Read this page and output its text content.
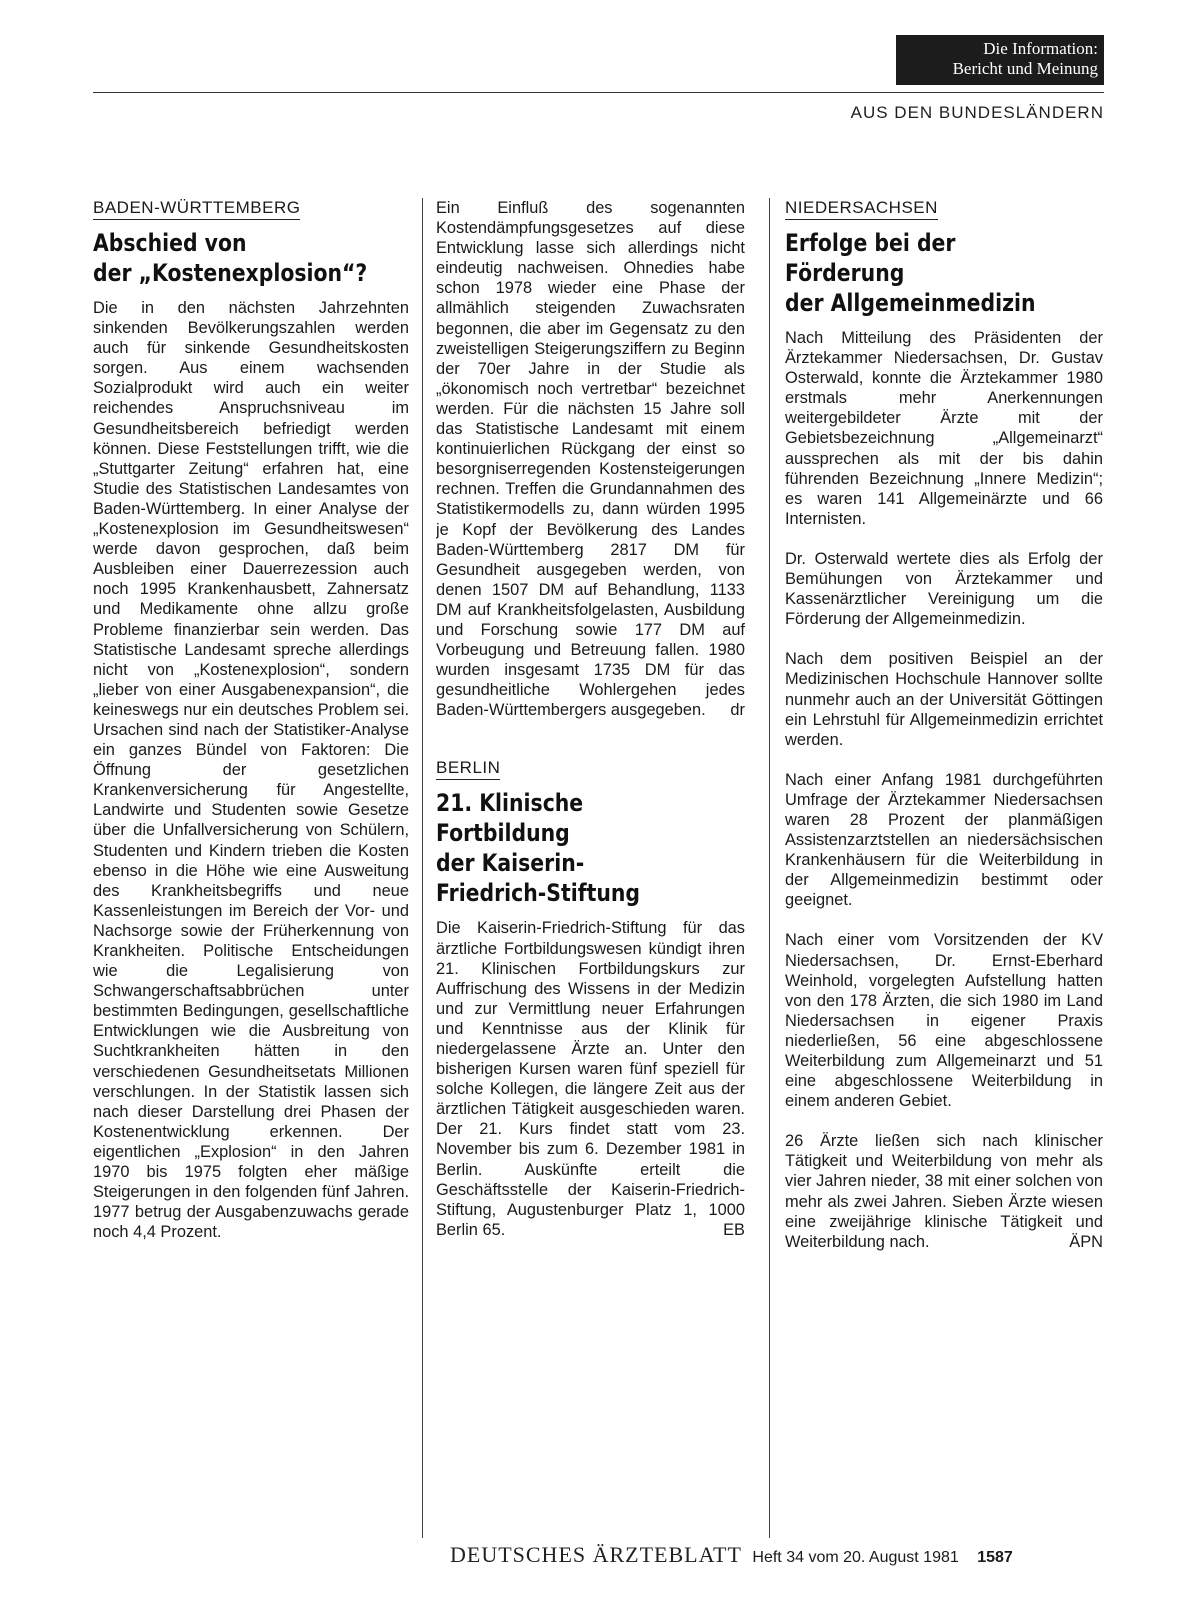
Die Information:
Bericht und Meinung
AUS DEN BUNDESLÄNDERN
BADEN-WÜRTTEMBERG
Abschied von
der „Kostenexplosion“?

Die in den nächsten Jahrzehnten sinkenden Bevölkerungszahlen werden auch für sinkende Gesundheitskosten sorgen. Aus einem wachsenden Sozialprodukt wird auch ein weiter reichendes Anspruchsniveau im Gesundheitsbereich befriedigt werden können. Diese Feststellungen trifft, wie die „Stuttgarter Zeitung“ erfahren hat, eine Studie des Statistischen Landesamtes von Baden-Württemberg. In einer Analyse der „Kostenexplosion im Gesundheitswesen“ werde davon gesprochen, daß beim Ausbleiben einer Dauerrezession auch noch 1995 Krankenhausbett, Zahnersatz und Medikamente ohne allzu große Probleme finanzierbar sein werden. Das Statistische Landesamt spreche allerdings nicht von „Kostenexplosion“, sondern „lieber von einer Ausgabenexpansion“, die keineswegs nur ein deutsches Problem sei. Ursachen sind nach der Statistiker-Analyse ein ganzes Bündel von Faktoren: Die Öffnung der gesetzlichen Krankenversicherung für Angestellte, Landwirte und Studenten sowie Gesetze über die Unfallversicherung von Schülern, Studenten und Kindern trieben die Kosten ebenso in die Höhe wie eine Ausweitung des Krankheitsbegriffs und neue Kassenleistungen im Bereich der Vor- und Nachsorge sowie der Früherkennung von Krankheiten. Politische Entscheidungen wie die Legalisierung von Schwangerschaftsabbrüchen unter bestimmten Bedingungen, gesellschaftliche Entwicklungen wie die Ausbreitung von Suchtkrankheiten hätten in den verschiedenen Gesundheitsetats Millionen verschlungen. In der Statistik lassen sich nach dieser Darstellung drei Phasen der Kostenentwicklung erkennen. Der eigentlichen „Explosion“ in den Jahren 1970 bis 1975 folgten eher mäßige Steigerungen in den folgenden fünf Jahren. 1977 betrug der Ausgabenzuwachs gerade noch 4,4 Prozent.

Ein Einfluß des sogenannten Kostendämpfungsgesetzes auf diese Entwicklung lasse sich allerdings nicht eindeutig nachweisen. Ohnedies habe schon 1978 wieder eine Phase der allmählich steigenden Zuwachsraten begonnen, die aber im Gegensatz zu den zweistelligen Steigerungsziffern zu Beginn der 70er Jahre in der Studie als „ökonomisch noch vertretbar“ bezeichnet werden. Für die nächsten 15 Jahre soll das Statistische Landesamt mit einem kontinuierlichen Rückgang der einst so besorgniserregenden Kostensteigerungen rechnen. Treffen die Grundannahmen des Statistikermodells zu, dann würden 1995 je Kopf der Bevölkerung des Landes Baden-Württemberg 2817 DM für Gesundheit ausgegeben werden, von denen 1507 DM auf Behandlung, 1133 DM auf Krankheitsfolgelasten, Ausbildung und Forschung sowie 177 DM auf Vorbeugung und Betreuung fallen. 1980 wurden insgesamt 1735 DM für das gesundheitliche Wohlergehen jedes Baden-Württembergers ausgegeben. dr

BERLIN
21. Klinische
Fortbildung
der Kaiserin-
Friedrich-Stiftung

Die Kaiserin-Friedrich-Stiftung für das ärztliche Fortbildungswesen kündigt ihren 21. Klinischen Fortbildungskurs zur Auffrischung des Wissens in der Medizin und zur Vermittlung neuer Erfahrungen und Kenntnisse aus der Klinik für niedergelassene Ärzte an. Unter den bisherigen Kursen waren fünf speziell für solche Kollegen, die längere Zeit aus der ärztlichen Tätigkeit ausgeschieden waren. Der 21. Kurs findet statt vom 23. November bis zum 6. Dezember 1981 in Berlin. Auskünfte erteilt die Geschäftsstelle der Kaiserin-Friedrich-Stiftung, Augustenburger Platz 1, 1000 Berlin 65.	EB

NIEDERSACHSEN
Erfolge bei der
Förderung
der Allgemeinmedizin

Nach Mitteilung des Präsidenten der Ärztekammer Niedersachsen, Dr. Gustav Osterwald, konnte die Ärztekammer 1980 erstmals mehr Anerkennungen weitergebildeter Ärzte mit der Gebietsbezeichnung „Allgemeinarzt“ aussprechen als mit der bis dahin führenden Bezeichnung „Innere Medizin“; es waren 141 Allgemeinärzte und 66 Internisten.

Dr. Osterwald wertete dies als Erfolg der Bemühungen von Ärztekammer und Kassenärztlicher Vereinigung um die Förderung der Allgemeinmedizin.

Nach dem positiven Beispiel an der Medizinischen Hochschule Hannover sollte nunmehr auch an der Universität Göttingen ein Lehrstuhl für Allgemeinmedizin errichtet werden.

Nach einer Anfang 1981 durchgeführten Umfrage der Ärztekammer Niedersachsen waren 28 Prozent der planmäßigen Assistenzarztstellen an niedersächsischen Krankenhäusern für die Weiterbildung in der Allgemeinmedizin bestimmt oder geeignet.

Nach einer vom Vorsitzenden der KV Niedersachsen, Dr. Ernst-Eberhard Weinhold, vorgelegten Aufstellung hatten von den 178 Ärzten, die sich 1980 im Land Niedersachsen in eigener Praxis niederließen, 56 eine abgeschlossene Weiterbildung zum Allgemeinarzt und 51 eine abgeschlossene Weiterbildung in einem anderen Gebiet.

26 Ärzte ließen sich nach klinischer Tätigkeit und Weiterbildung von mehr als vier Jahren nieder, 38 mit einer solchen von mehr als zwei Jahren. Sieben Ärzte wiesen eine zweijährige klinische Tätigkeit und Weiterbildung nach.	ÄPN

DEUTSCHES ÄRZTEBLATT Heft 34 vom 20. August 1981 1587
